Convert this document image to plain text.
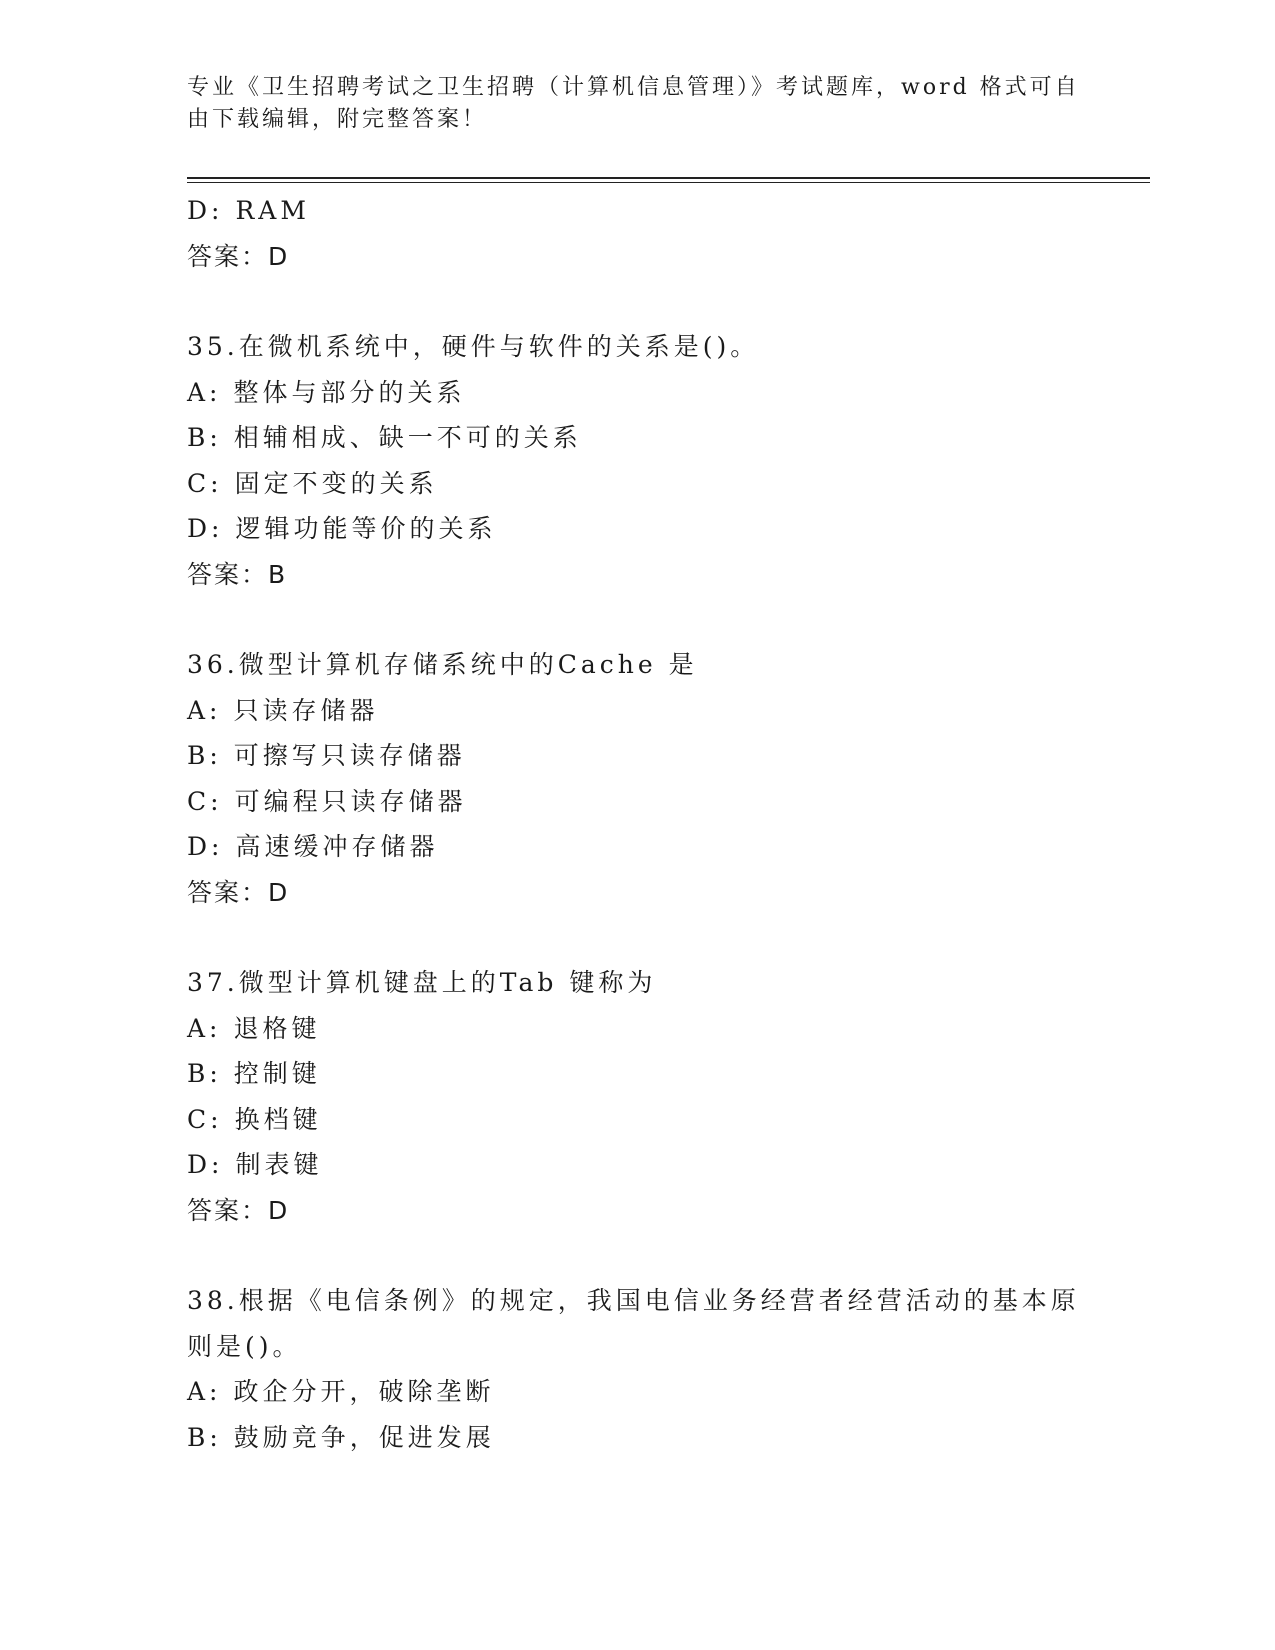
专业《卫生招聘考试之卫生招聘（计算机信息管理）》考试题库，word 格式可自
由下载编辑，附完整答案！
D: RAM
答案：D
35.在微机系统中，硬件与软件的关系是()。
A: 整体与部分的关系
B: 相辅相成、缺一不可的关系
C: 固定不变的关系
D: 逻辑功能等价的关系
答案：B
36.微型计算机存储系统中的Cache 是
A: 只读存储器
B: 可擦写只读存储器
C: 可编程只读存储器
D: 高速缓冲存储器
答案：D
37.微型计算机键盘上的Tab 键称为
A: 退格键
B: 控制键
C: 换档键
D: 制表键
答案：D
38.根据《电信条例》的规定，我国电信业务经营者经营活动的基本原
则是()。
A: 政企分开，破除垄断
B: 鼓励竞争，促进发展
